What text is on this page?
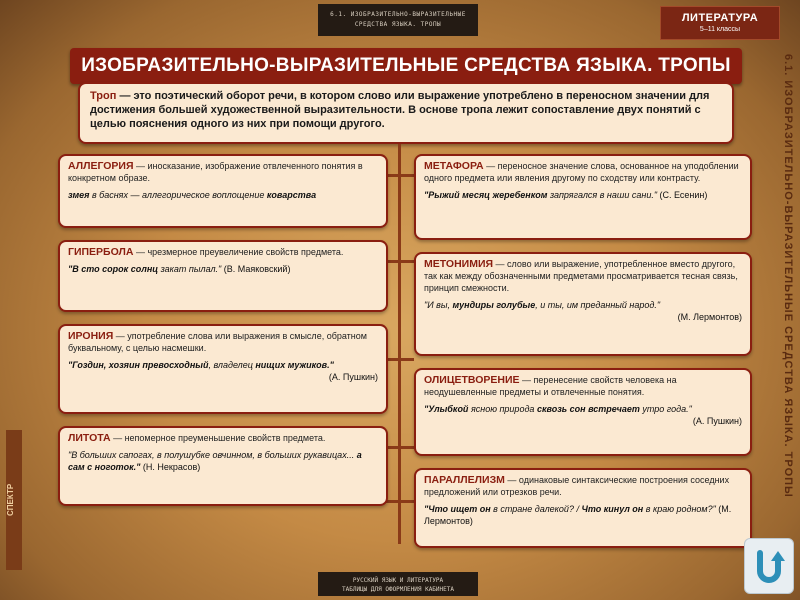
6.1. ИЗОБРАЗИТЕЛЬНО-ВЫРАЗИТЕЛЬНЫЕ
СРЕДСТВА ЯЗЫКА. ТРОПЫ
ЛИТЕРАТУРА
5–11 классы
6.1. ИЗОБРАЗИТЕЛЬНО-ВЫРАЗИТЕЛЬНЫЕ СРЕДСТВА ЯЗЫКА. ТРОПЫ
СПЕКТР
ИЗОБРАЗИТЕЛЬНО-ВЫРАЗИТЕЛЬНЫЕ СРЕДСТВА ЯЗЫКА. ТРОПЫ
Троп — это поэтический оборот речи, в котором слово или выражение употреблено в переносном значении для достижения большей художественной выразительности. В основе тропа лежит сопоставление двух понятий с целью пояснения одного из них при помощи другого.
АЛЛЕГОРИЯ — иносказание, изображение отвлеченного понятия в конкретном образе.
змея в баснях — аллегорическое воплощение коварства
ГИПЕРБОЛА — чрезмерное преувеличение свойств предмета.
"В сто сорок солнц закат пылал." (В. Маяковский)
ИРОНИЯ — употребление слова или выражения в смысле, обратном буквальному, с целью насмешки.
"Гоздин, хозяин превосходный, владелец нищих мужиков."
(А. Пушкин)
ЛИТОТА — непомерное преуменьшение свойств предмета.
"В больших сапогах, в полушубке овчинном, в больших рукавицах... а сам с ноготок." (Н. Некрасов)
МЕТАФОРА — переносное значение слова, основанное на уподоблении одного предмета или явления другому по сходству или контрасту.
"Рыжий месяц жеребенком запрягался в наши сани." (С. Есенин)
МЕТОНИМИЯ — слово или выражение, употребленное вместо другого, так как между обозначенными предметами просматривается тесная связь, принцип смежности.
"И вы, мундиры голубые, и ты, им преданный народ."
(М. Лермонтов)
ОЛИЦЕТВОРЕНИЕ — перенесение свойств человека на неодушевленные предметы и отвлеченные понятия.
"Улыбкой ясною природа сквозь сон встречает утро года."
(А. Пушкин)
ПАРАЛЛЕЛИЗМ — одинаковые синтаксические построения соседних предложений или отрезков речи.
"Что ищет он в стране далекой? / Что кинул он в краю родном?" (М. Лермонтов)
РУССКИЙ ЯЗЫК И ЛИТЕРАТУРА
ТАБЛИЦЫ ДЛЯ ОФОРМЛЕНИЯ КАБИНЕТА
